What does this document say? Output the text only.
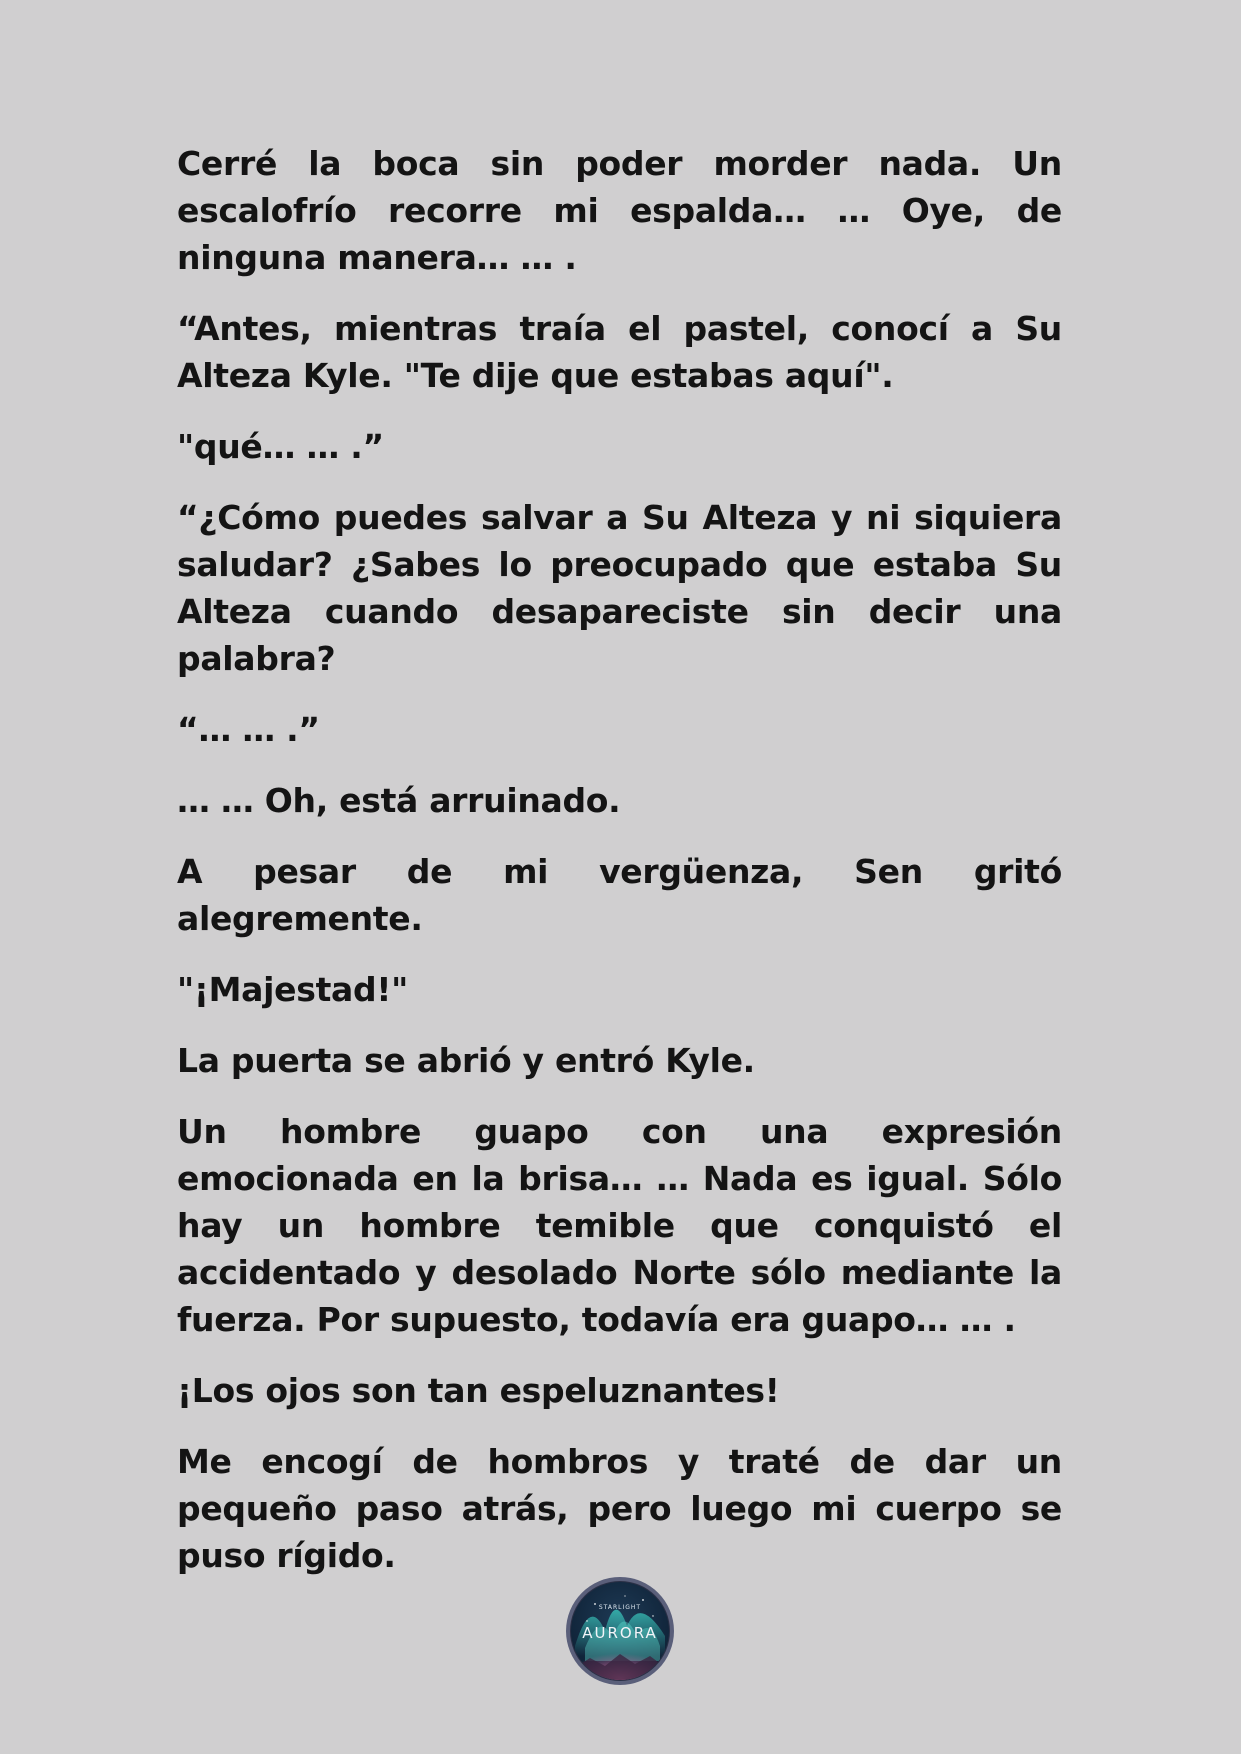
Cerré la boca sin poder morder nada. Un escalofrío recorre mi espalda… … Oye, de ninguna manera… … .

“Antes, mientras traía el pastel, conocí a Su Alteza Kyle. "Te dije que estabas aquí".

"qué… … .”

“¿Cómo puedes salvar a Su Alteza y ni siquiera saludar? ¿Sabes lo preocupado que estaba Su Alteza cuando desapareciste sin decir una palabra?

“… … .”

… … Oh, está arruinado.

A pesar de mi vergüenza, Sen gritó alegremente.

"¡Majestad!"

La puerta se abrió y entró Kyle.

Un hombre guapo con una expresión emocionada en la brisa… … Nada es igual. Sólo hay un hombre temible que conquistó el accidentado y desolado Norte sólo mediante la fuerza. Por supuesto, todavía era guapo… … .

¡Los ojos son tan espeluznantes!

Me encogí de hombros y traté de dar un pequeño paso atrás, pero luego mi cuerpo se puso rígido.

STARLIGHT
AURORA
